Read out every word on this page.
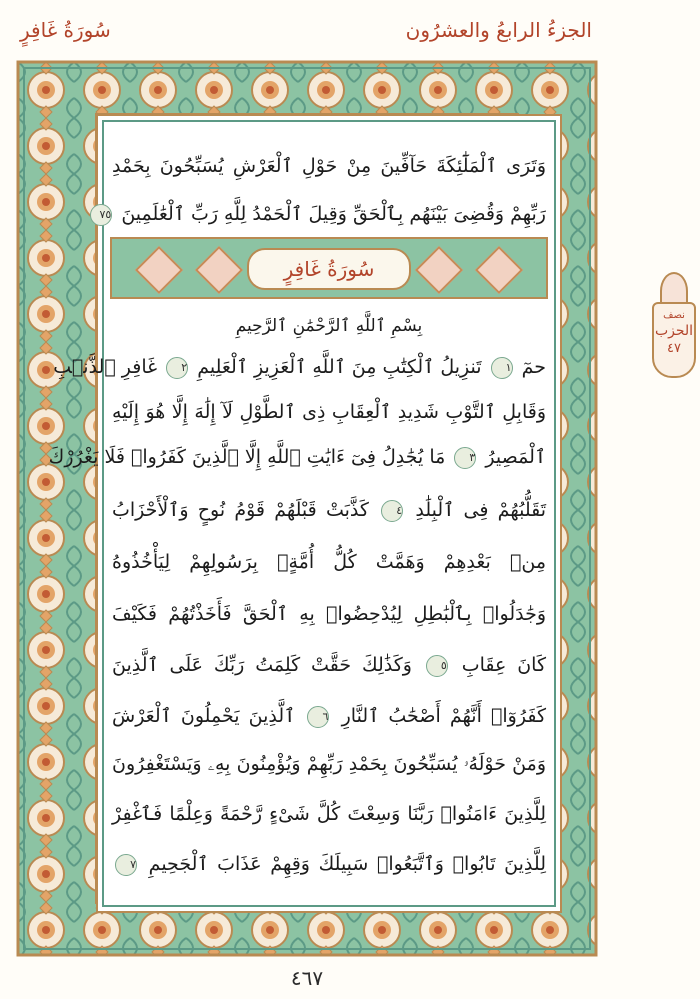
الجزءُ الرابعُ والعشرُون
سُورَةُ غَافِرٍ
وَتَرَى ٱلْمَلَٰٓئِكَةَ حَآفِّينَ مِنْ حَوْلِ ٱلْعَرْشِ يُسَبِّحُونَ بِحَمْدِ
رَبِّهِمْ وَقُضِىَ بَيْنَهُم بِٱلْحَقِّ وَقِيلَ ٱلْحَمْدُ لِلَّهِ رَبِّ ٱلْعَٰلَمِينَ ٧٥
سُورَةُ غَافِرٍ
بِسْمِ ٱللَّهِ ٱلرَّحْمَٰنِ ٱلرَّحِيمِ
حمٓ ١ تَنزِيلُ ٱلْكِتَٰبِ مِنَ ٱللَّهِ ٱلْعَزِيزِ ٱلْعَلِيمِ ٢ غَافِرِ ٱلذَّنۢبِ
وَقَابِلِ ٱلتَّوْبِ شَدِيدِ ٱلْعِقَابِ ذِى ٱلطَّوْلِ لَآ إِلَٰهَ إِلَّا هُوَ إِلَيْهِ
ٱلْمَصِيرُ ٣ مَا يُجَٰدِلُ فِىٓ ءَايَٰتِ ٱللَّهِ إِلَّا ٱلَّذِينَ كَفَرُوا۟ فَلَا يَغْرُرْكَ
تَقَلُّبُهُمْ فِى ٱلْبِلَٰدِ ٤ كَذَّبَتْ قَبْلَهُمْ قَوْمُ نُوحٍ وَٱلْأَحْزَابُ
مِنۢ بَعْدِهِمْ وَهَمَّتْ كُلُّ أُمَّةٍۭ بِرَسُولِهِمْ لِيَأْخُذُوهُ
وَجَٰدَلُوا۟ بِٱلْبَٰطِلِ لِيُدْحِضُوا۟ بِهِ ٱلْحَقَّ فَأَخَذْتُهُمْ فَكَيْفَ
كَانَ عِقَابِ ٥ وَكَذَٰلِكَ حَقَّتْ كَلِمَتُ رَبِّكَ عَلَى ٱلَّذِينَ
كَفَرُوٓا۟ أَنَّهُمْ أَصْحَٰبُ ٱلنَّارِ ٦ ٱلَّذِينَ يَحْمِلُونَ ٱلْعَرْشَ
وَمَنْ حَوْلَهُۥ يُسَبِّحُونَ بِحَمْدِ رَبِّهِمْ وَيُؤْمِنُونَ بِهِۦ وَيَسْتَغْفِرُونَ
لِلَّذِينَ ءَامَنُوا۟ رَبَّنَا وَسِعْتَ كُلَّ شَىْءٍ رَّحْمَةً وَعِلْمًا فَٱغْفِرْ
لِلَّذِينَ تَابُوا۟ وَٱتَّبَعُوا۟ سَبِيلَكَ وَقِهِمْ عَذَابَ ٱلْجَحِيمِ ٧
نصف
الحزب
٤٧
٤٦٧
